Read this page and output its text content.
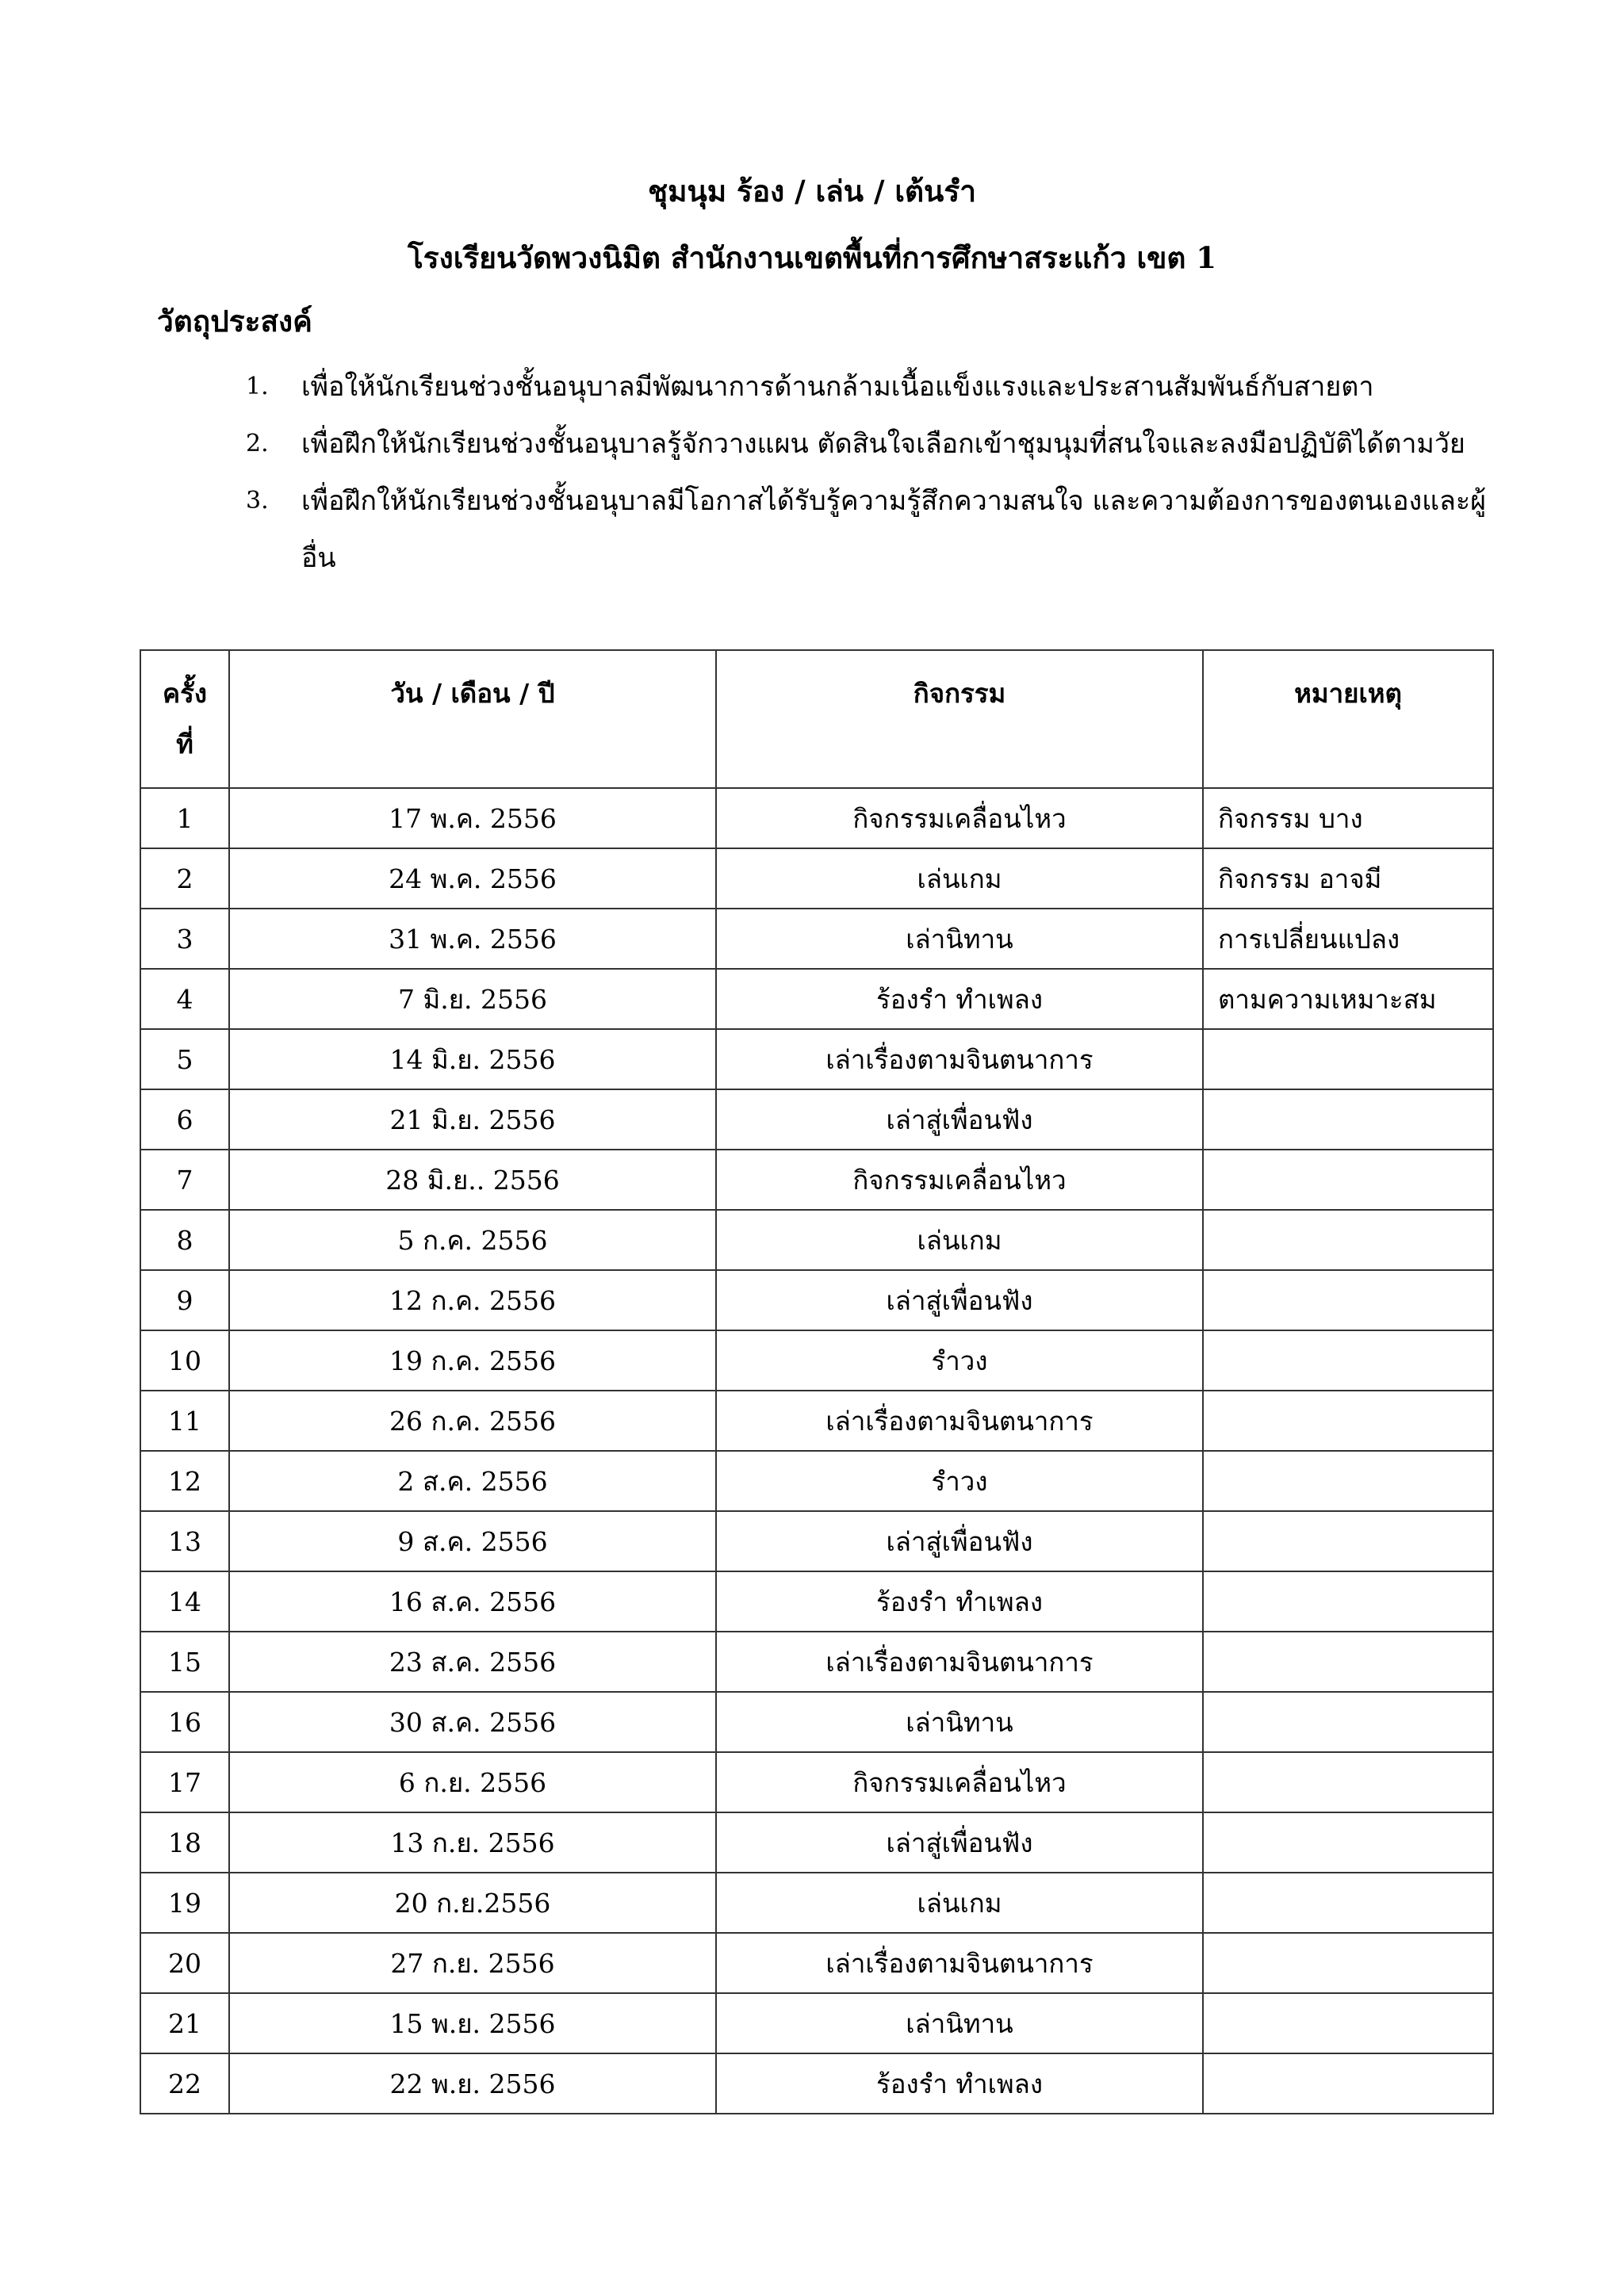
ชุมนุม ร้อง / เล่น / เต้นรำ
โรงเรียนวัดพวงนิมิต สำนักงานเขตพื้นที่การศึกษาสระแก้ว เขต 1
วัตถุประสงค์
1. เพื่อให้นักเรียนช่วงชั้นอนุบาลมีพัฒนาการด้านกล้ามเนื้อแข็งแรงและประสานสัมพันธ์กับสายตา
2. เพื่อฝึกให้นักเรียนช่วงชั้นอนุบาลรู้จักวางแผน ตัดสินใจเลือกเข้าชุมนุมที่สนใจและลงมือปฏิบัติได้ตามวัย
3. เพื่อฝึกให้นักเรียนช่วงชั้นอนุบาลมีโอกาสได้รับรู้ความรู้สึกความสนใจ และความต้องการของตนเองและผู้อื่น
ครั้ง ที่	วัน / เดือน / ปี	กิจกรรม	หมายเหตุ
1	17 พ.ค. 2556	กิจกรรมเคลื่อนไหว	กิจกรรม บาง
2	24 พ.ค. 2556	เล่นเกม	กิจกรรม อาจมี
3	31 พ.ค. 2556	เล่านิทาน	การเปลี่ยนแปลง
4	7 มิ.ย. 2556	ร้องรำ ทำเพลง	ตามความเหมาะสม
5	14 มิ.ย. 2556	เล่าเรื่องตามจินตนาการ	
6	21 มิ.ย. 2556	เล่าสู่เพื่อนฟัง	
7	28 มิ.ย.. 2556	กิจกรรมเคลื่อนไหว	
8	5 ก.ค. 2556	เล่นเกม	
9	12 ก.ค. 2556	เล่าสู่เพื่อนฟัง	
10	19 ก.ค. 2556	รำวง	
11	26 ก.ค. 2556	เล่าเรื่องตามจินตนาการ	
12	2 ส.ค. 2556	รำวง	
13	9 ส.ค. 2556	เล่าสู่เพื่อนฟัง	
14	16 ส.ค. 2556	ร้องรำ ทำเพลง	
15	23 ส.ค. 2556	เล่าเรื่องตามจินตนาการ	
16	30 ส.ค. 2556	เล่านิทาน	
17	6 ก.ย. 2556	กิจกรรมเคลื่อนไหว	
18	13 ก.ย. 2556	เล่าสู่เพื่อนฟัง	
19	20 ก.ย.2556	เล่นเกม	
20	27 ก.ย. 2556	เล่าเรื่องตามจินตนาการ	
21	15 พ.ย. 2556	เล่านิทาน	
22	22 พ.ย. 2556	ร้องรำ ทำเพลง	
